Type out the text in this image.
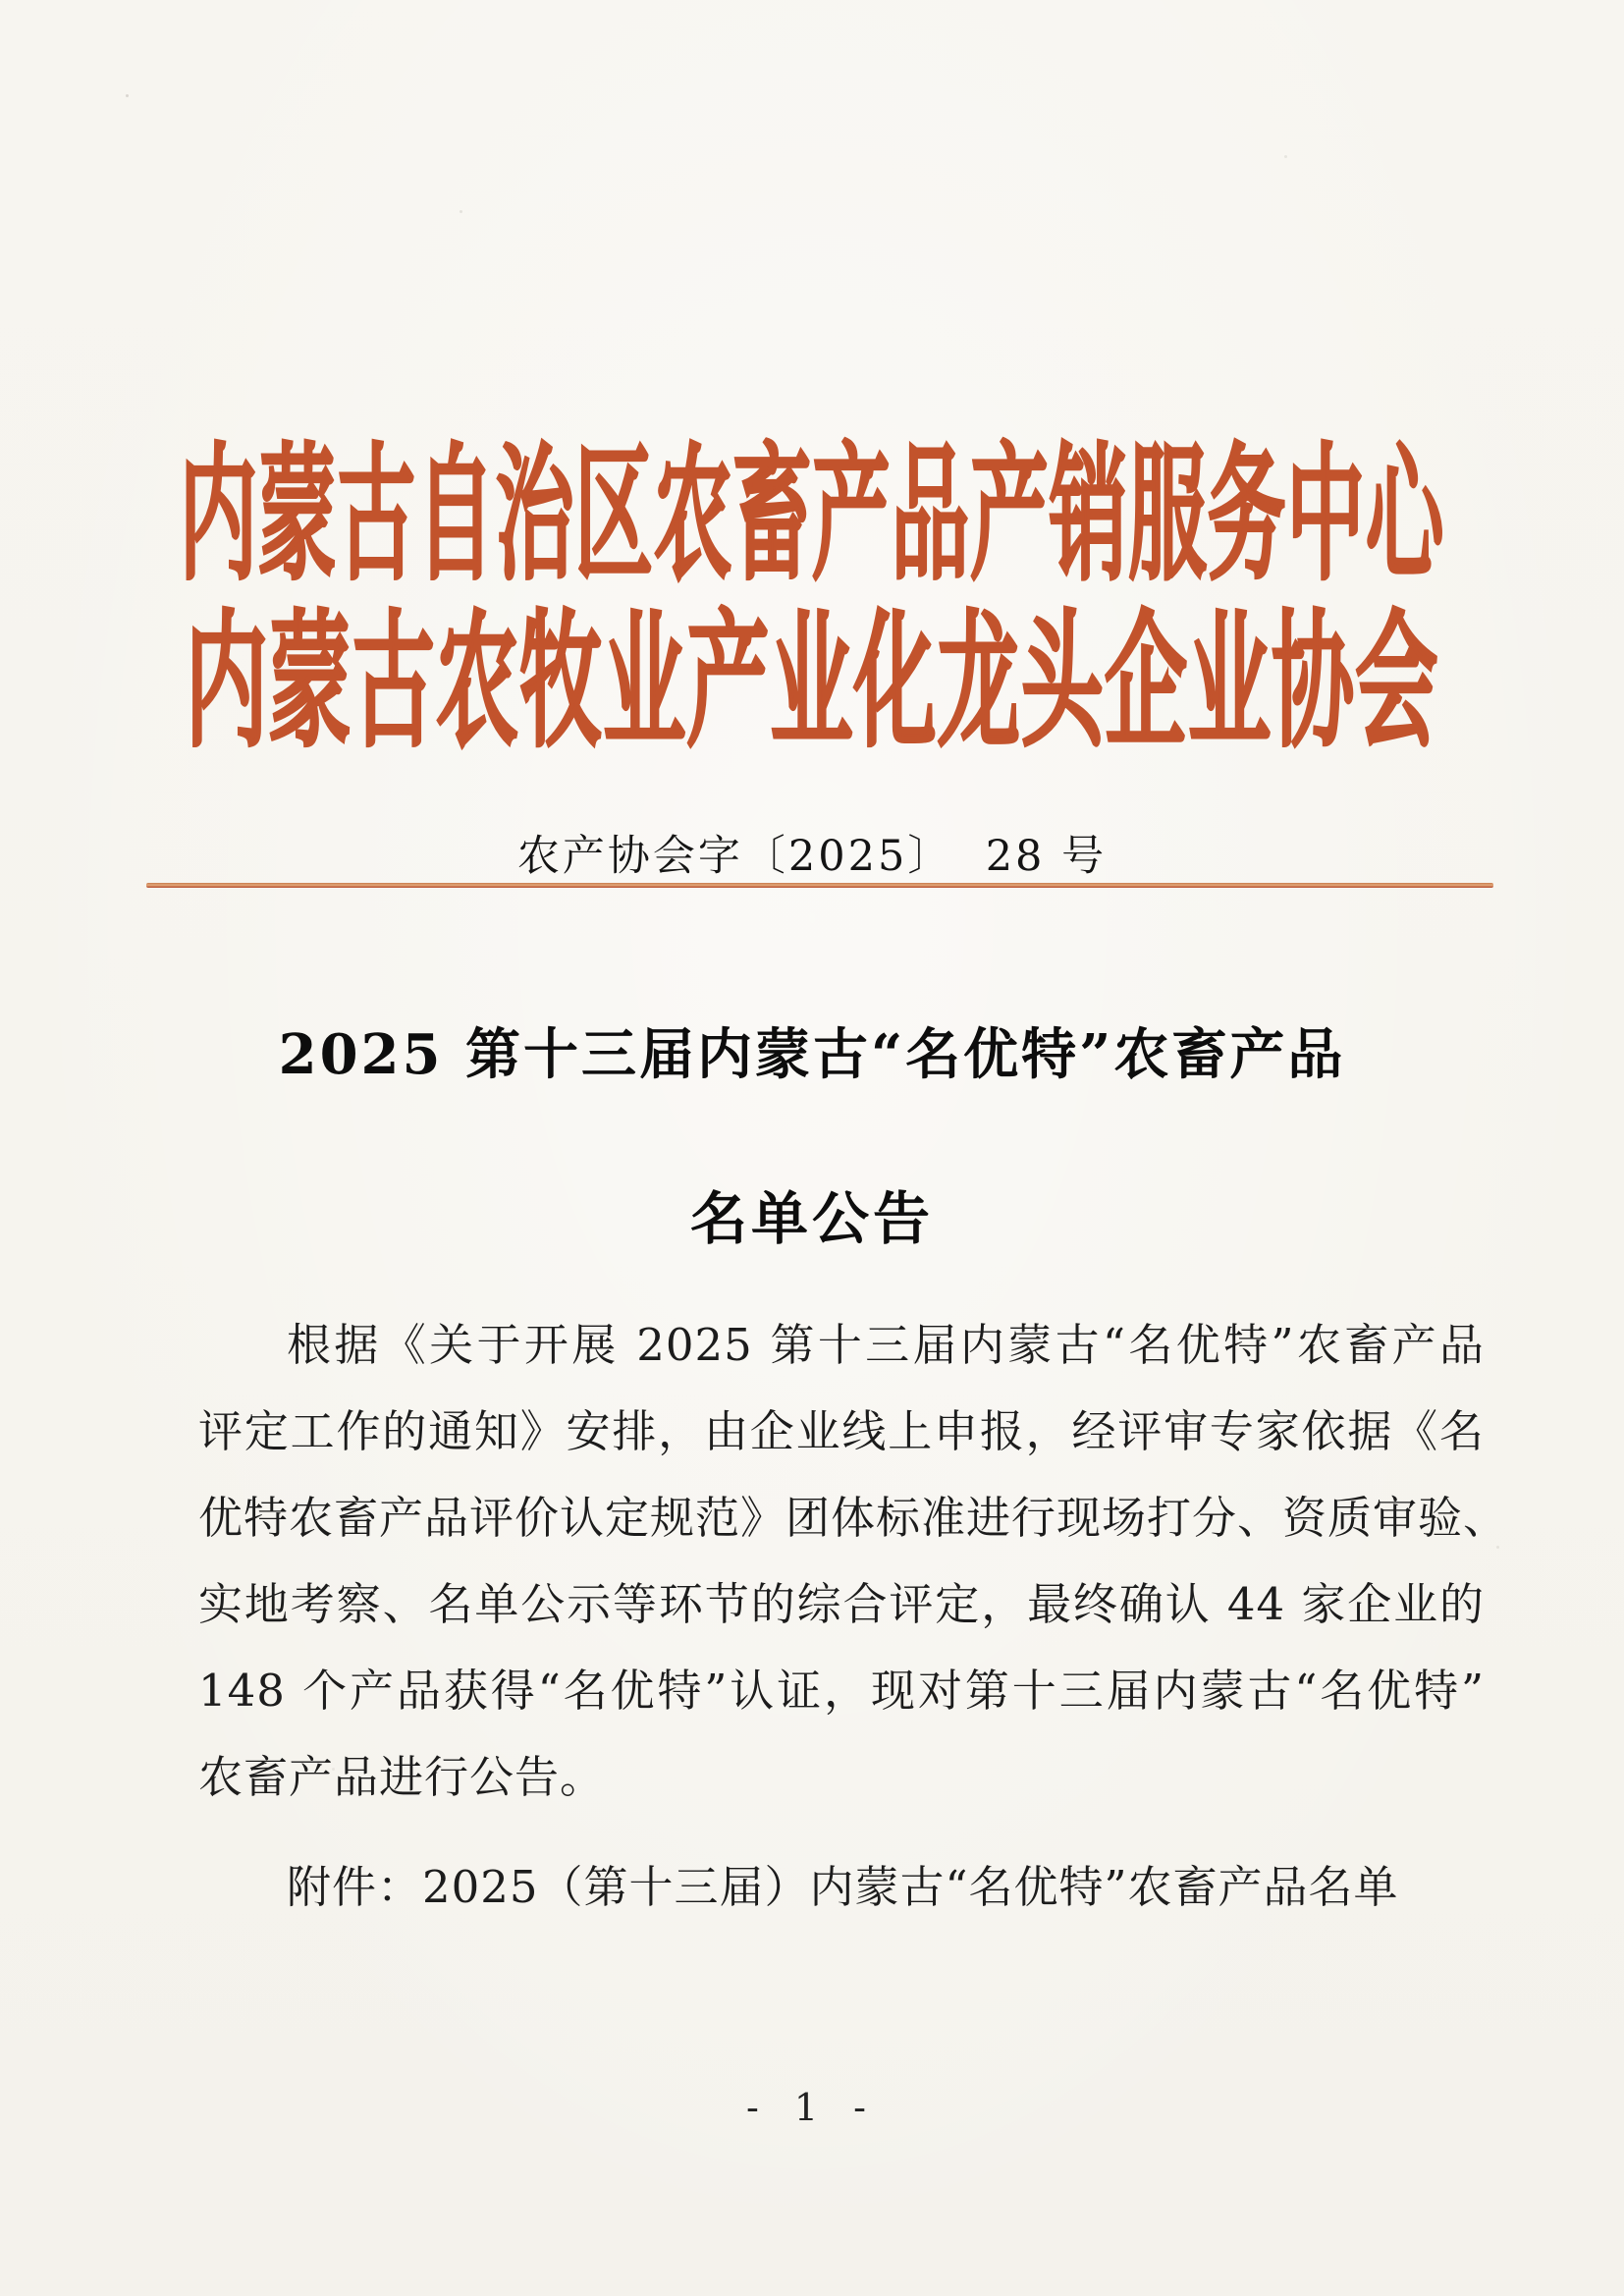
内蒙古自治区农畜产品产销服务中心
内蒙古农牧业产业化龙头企业协会
农产协会字〔2025〕  28 号
2025 第十三届内蒙古“名优特”农畜产品
名单公告
根据《关于开展 2025 第十三届内蒙古“名优特”农畜产品
评定工作的通知》安排，由企业线上申报，经评审专家依据《名
优特农畜产品评价认定规范》团体标准进行现场打分、资质审验、
实地考察、名单公示等环节的综合评定，最终确认 44 家企业的
148 个产品获得“名优特”认证，现对第十三届内蒙古“名优特”
农畜产品进行公告。
附件：2025（第十三届）内蒙古“名优特”农畜产品名单
- 1 -
